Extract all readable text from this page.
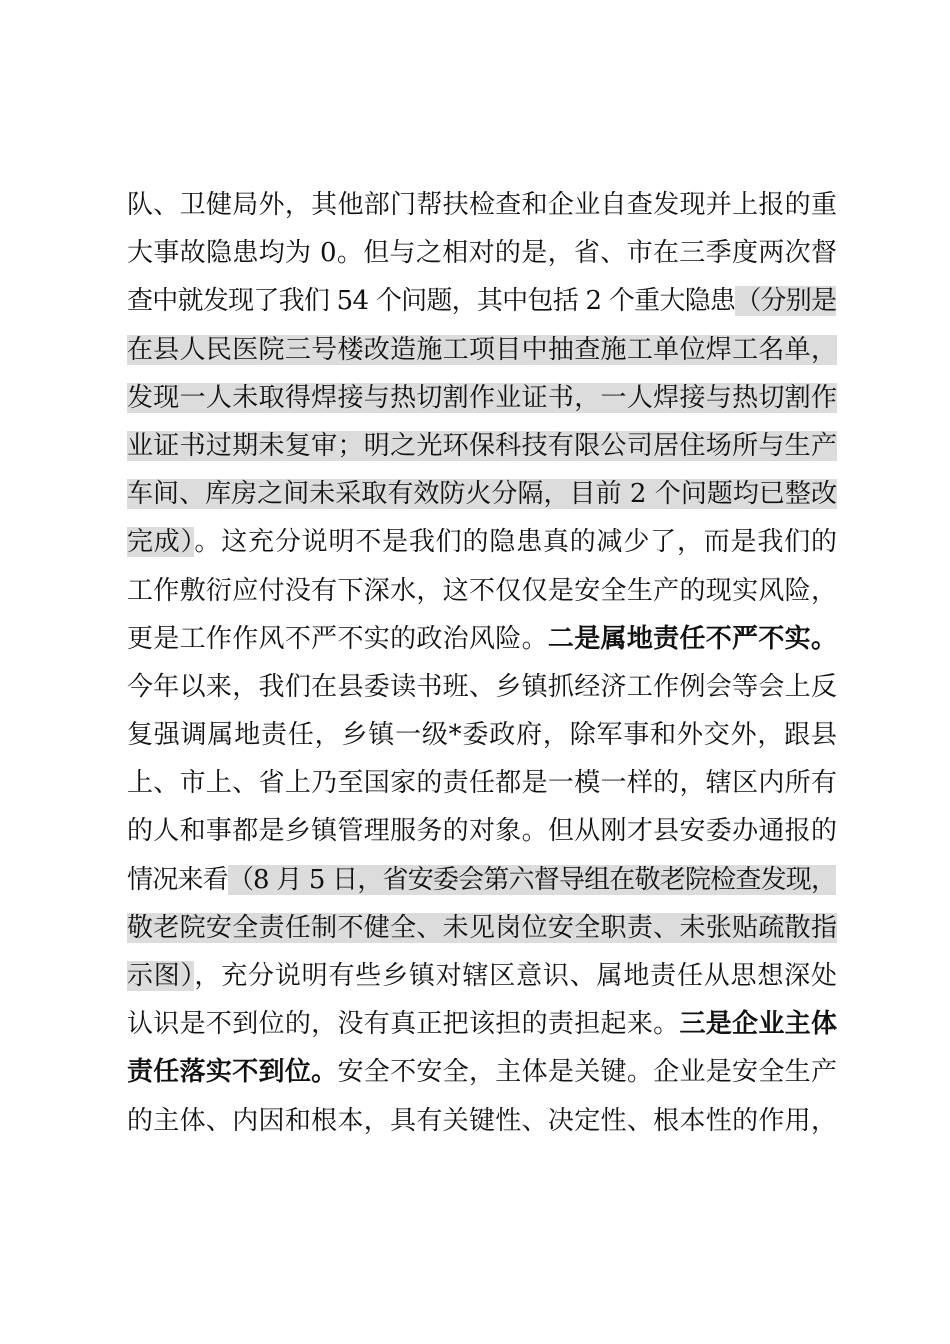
队、卫健局外，其他部门帮扶检查和企业自查发现并上报的重
大事故隐患均为 0。但与之相对的是，省、市在三季度两次督
查中就发现了我们 54 个问题，其中包括 2 个重大隐患（分别是
在县人民医院三号楼改造施工项目中抽查施工单位焊工名单，
发现一人未取得焊接与热切割作业证书，一人焊接与热切割作
业证书过期未复审；明之光环保科技有限公司居住场所与生产
车间、库房之间未采取有效防火分隔，目前 2 个问题均已整改
完成）。这充分说明不是我们的隐患真的减少了，而是我们的
工作敷衍应付没有下深水，这不仅仅是安全生产的现实风险，
更是工作作风不严不实的政治风险。二是属地责任不严不实。
今年以来，我们在县委读书班、乡镇抓经济工作例会等会上反
复强调属地责任，乡镇一级*委政府，除军事和外交外，跟县
上、市上、省上乃至国家的责任都是一模一样的，辖区内所有
的人和事都是乡镇管理服务的对象。但从刚才县安委办通报的
情况来看（8 月 5 日，省安委会第六督导组在敬老院检查发现，
敬老院安全责任制不健全、未见岗位安全职责、未张贴疏散指
示图），充分说明有些乡镇对辖区意识、属地责任从思想深处
认识是不到位的，没有真正把该担的责担起来。三是企业主体
责任落实不到位。安全不安全，主体是关键。企业是安全生产
的主体、内因和根本，具有关键性、决定性、根本性的作用，
